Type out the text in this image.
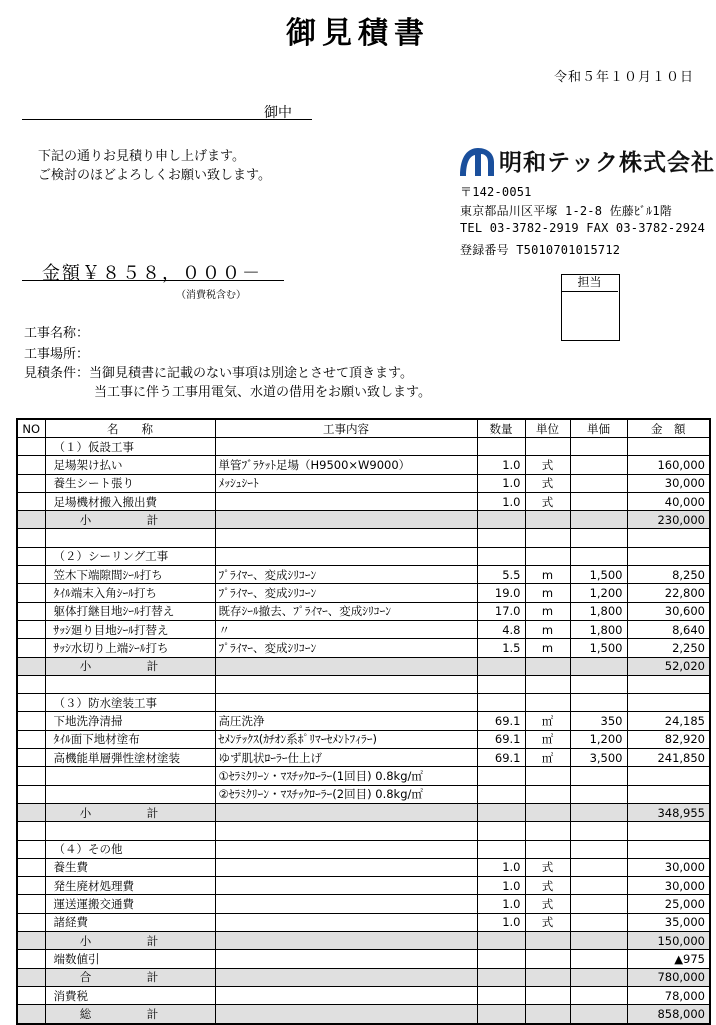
御見積書
令和５年１０月１０日
御中
下記の通りお見積り申し上げます。
ご検討のほどよろしくお願い致します。	明和テック株式会社
〒142-0051
東京都品川区平塚 1-2-8 佐藤ﾋﾞﾙ1階
TEL 03-3782-2919 FAX 03-3782-2924
登録番号 T5010701015712
金額￥８５８，０００－
（消費税含む）
担当
工事名称：
工事場所：
見積条件：当御見積書に記載のない事項は別途とさせて頂きます。
当工事に伴う工事用電気、水道の借用をお願い致します。
NO	名　　称	工事内容	数量	単位	単価	金　額
	（１）仮設工事					
	足場架け払い	単管ﾌﾞﾗｹｯﾄ足場（H9500×W9000）	1.0	式		160,000
	養生シート張り	ﾒｯｼｭｼｰﾄ	1.0	式		30,000
	足場機材搬入搬出費		1.0	式		40,000
	小　計					230,000

	（２）シーリング工事					
	笠木下端隙間ｼｰﾙ打ち	ﾌﾟﾗｲﾏｰ、変成ｼﾘｺｰﾝ	5.5	m	1,500	8,250
	ﾀｲﾙ端末入角ｼｰﾙ打ち	ﾌﾟﾗｲﾏｰ、変成ｼﾘｺｰﾝ	19.0	m	1,200	22,800
	躯体打継目地ｼｰﾙ打替え	既存ｼｰﾙ撤去、ﾌﾟﾗｲﾏｰ、変成ｼﾘｺｰﾝ	17.0	m	1,800	30,600
	ｻｯｼ廻り目地ｼｰﾙ打替え	〃	4.8	m	1,800	8,640
	ｻｯｼ水切り上端ｼｰﾙ打ち	ﾌﾟﾗｲﾏｰ、変成ｼﾘｺｰﾝ	1.5	m	1,500	2,250
	小　計					52,020

	（３）防水塗装工事					
	下地洗浄清掃	高圧洗浄	69.1	㎡	350	24,185
	ﾀｲﾙ面下地材塗布	ｾﾒﾝﾃｯｸｽ(ｶﾁｵﾝ系ﾎﾟﾘﾏｰｾﾒﾝﾄﾌｨﾗｰ)	69.1	㎡	1,200	82,920
	高機能単層弾性塗材塗装	ゆず肌状ﾛｰﾗｰ仕上げ	69.1	㎡	3,500	241,850
		①ｾﾗﾐｸﾘｰﾝ・ﾏｽﾁｯｸﾛｰﾗｰ(1回目) 0.8kg/㎡				
		②ｾﾗﾐｸﾘｰﾝ・ﾏｽﾁｯｸﾛｰﾗｰ(2回目) 0.8kg/㎡				
	小　計					348,955

	（４）その他					
	養生費		1.0	式		30,000
	発生廃材処理費		1.0	式		30,000
	運送運搬交通費		1.0	式		25,000
	諸経費		1.0	式		35,000
	小　計					150,000
	端数値引					▲975
	合　計					780,000
	消費税					78,000
	総　計					858,000
